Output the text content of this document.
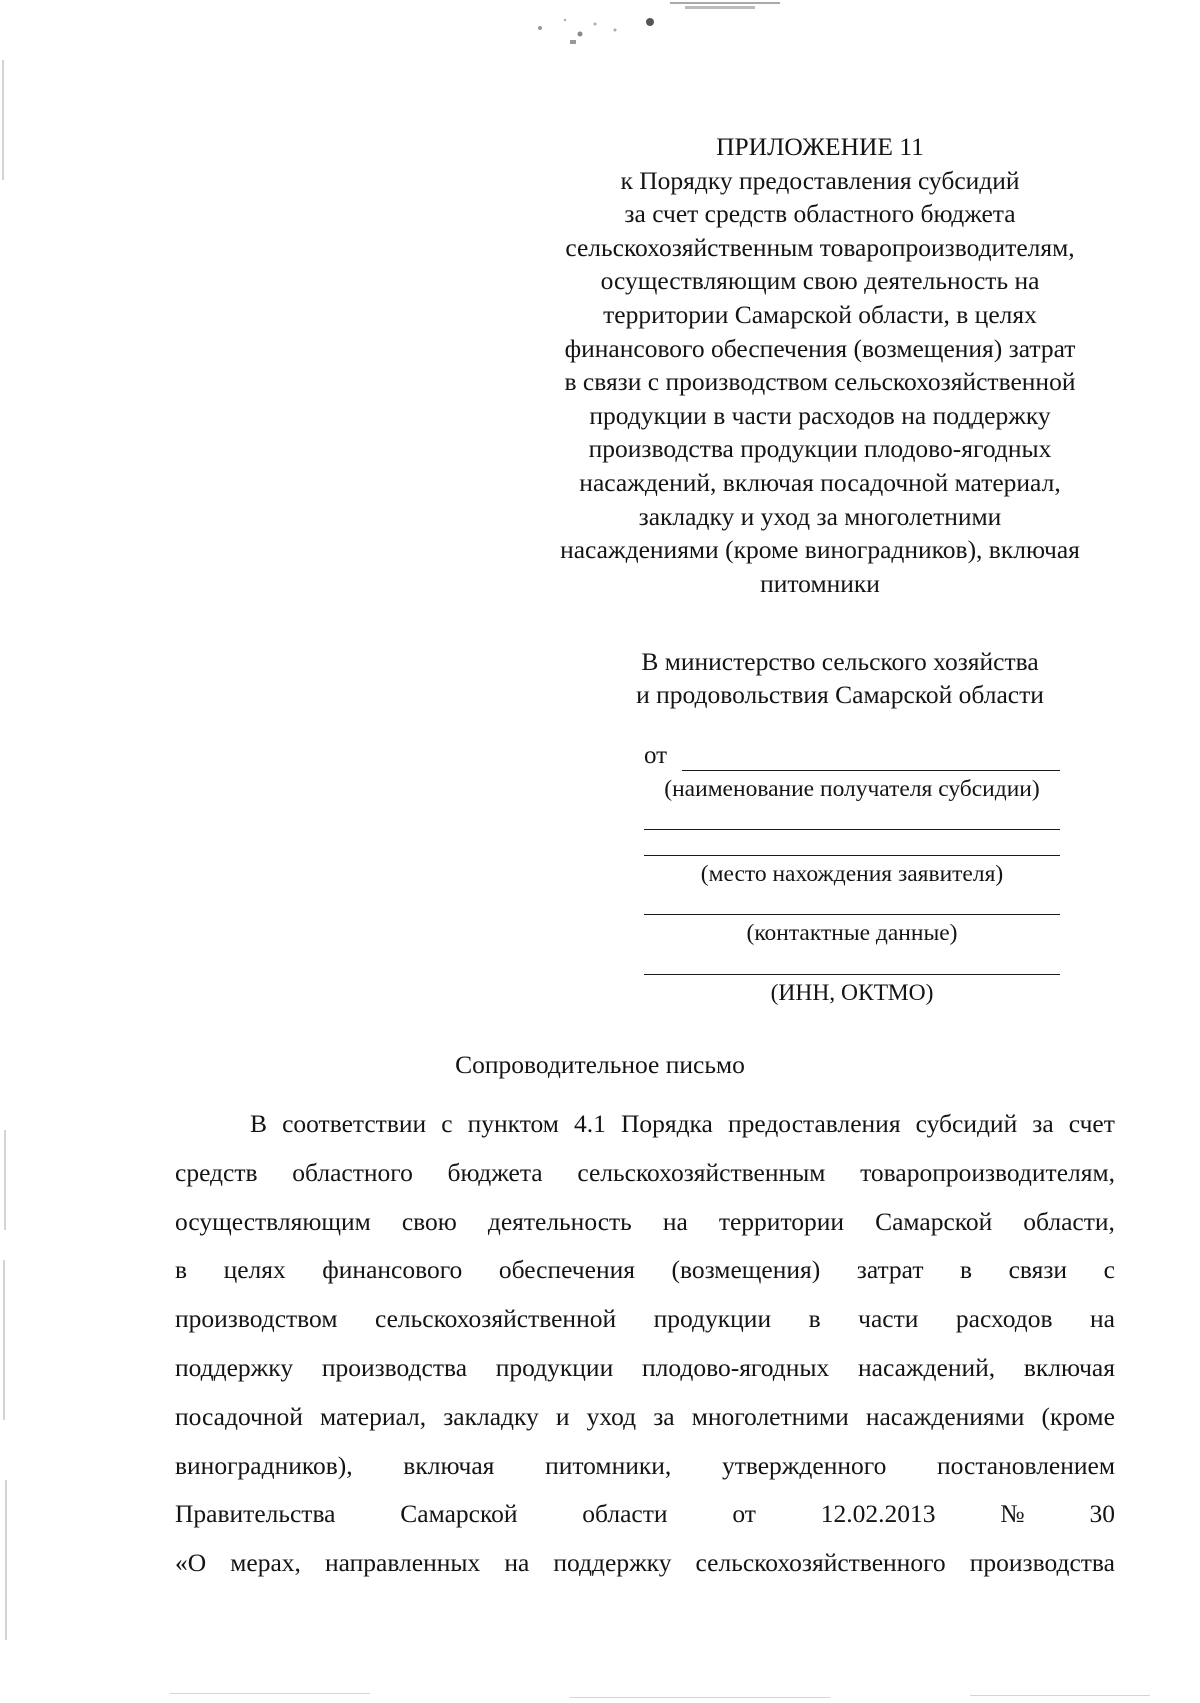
ПРИЛОЖЕНИЕ 11
к Порядку предоставления субсидий
за счет средств областного бюджета
сельскохозяйственным товаропроизводителям,
осуществляющим свою деятельность на
территории Самарской области, в целях
финансового обеспечения (возмещения) затрат
в связи с производством сельскохозяйственной
продукции в части расходов на поддержку
производства продукции плодово-ягодных
насаждений, включая посадочной материал,
закладку и уход за многолетними
насаждениями (кроме виноградников), включая
питомники
В министерство сельского хозяйства
и продовольствия Самарской области
от
(наименование получателя субсидии)
(место нахождения заявителя)
(контактные данные)
(ИНН, ОКТМО)
Сопроводительное письмо
В соответствии с пунктом 4.1 Порядка предоставления субсидий за счет
средств областного бюджета сельскохозяйственным товаропроизводителям,
осуществляющим свою деятельность на территории Самарской области,
в целях финансового обеспечения (возмещения) затрат в связи с
производством сельскохозяйственной продукции в части расходов на
поддержку производства продукции плодово-ягодных насаждений, включая
посадочной материал, закладку и уход за многолетними насаждениями (кроме
виноградников), включая питомники, утвержденного постановлением
Правительства	Самарской	области	от	12.02.2013	№	30
«О мерах, направленных на поддержку сельскохозяйственного производства
